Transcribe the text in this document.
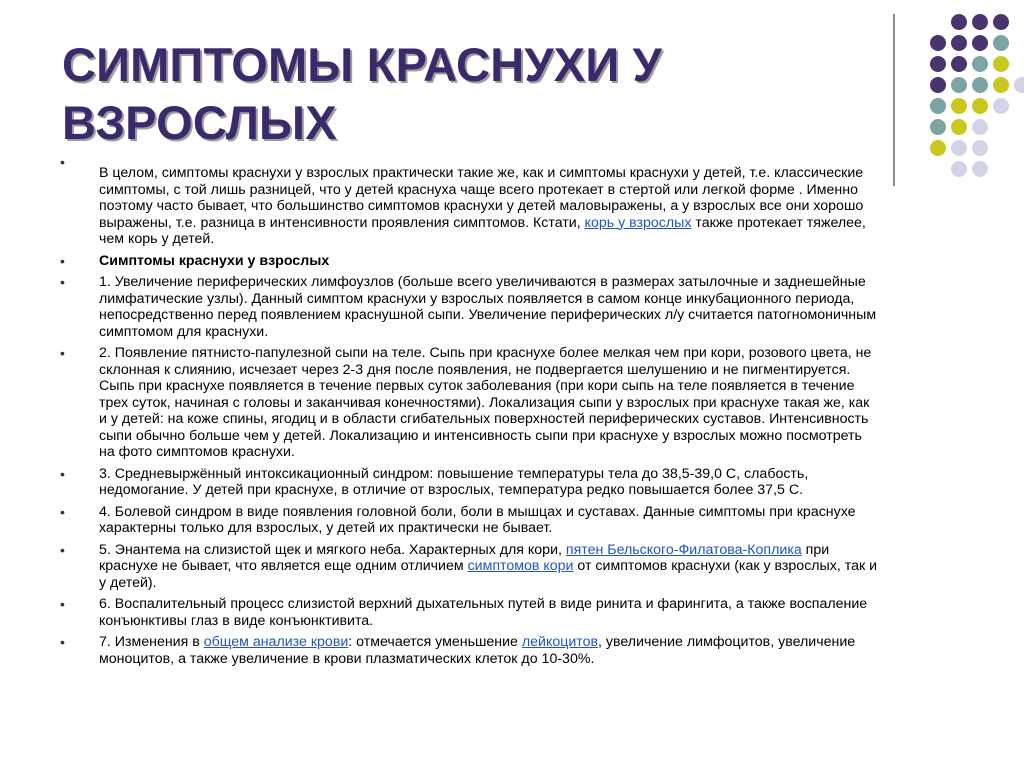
СИМПТОМЫ КРАСНУХИ У ВЗРОСЛЫХ
•
В целом, симптомы краснухи у взрослых практически такие же, как и симптомы краснухи у детей, т.е. классические симптомы, с той лишь разницей, что у детей краснуха чаще всего протекает в стертой или легкой форме . Именно поэтому часто бывает, что большинство симптомов краснухи у детей маловыражены, а у взрослых все они хорошо выражены, т.е. разница в интенсивности проявления симптомов. Кстати, корь у взрослых также протекает тяжелее, чем корь у детей.
• Симптомы краснухи у взрослых
• 1. Увеличение периферических лимфоузлов (больше всего увеличиваются в размерах затылочные и заднешейные лимфатические узлы). Данный симптом краснухи у взрослых появляется в самом конце инкубационного периода, непосредственно перед появлением краснушной сыпи. Увеличение периферических л/у считается патогномоничным симптомом для краснухи.
• 2. Появление пятнисто-папулезной сыпи на теле. Сыпь при краснухе более мелкая чем при кори, розового цвета, не склонная к слиянию, исчезает через 2-3 дня после появления, не подвергается шелушению и не пигментируется. Сыпь при краснухе появляется в течение первых суток заболевания (при кори сыпь на теле появляется в течение трех суток, начиная с головы и заканчивая конечностями). Локализация сыпи у взрослых при краснухе такая же, как и у детей: на коже спины, ягодиц и в области сгибательных поверхностей периферических суставов. Интенсивность сыпи обычно больше чем у детей. Локализацию и интенсивность сыпи при краснухе у взрослых можно посмотреть на фото симптомов краснухи.
• 3. Средневыржённый интоксикационный синдром: повышение температуры тела до 38,5-39,0 С, слабость, недомогание. У детей при краснухе, в отличие от взрослых, температура редко повышается более 37,5 С.
• 4. Болевой синдром в виде появления головной боли, боли в мышцах и суставах. Данные симптомы при краснухе характерны только для взрослых, у детей их практически не бывает.
• 5. Энантема на слизистой щек и мягкого неба. Характерных для кори, пятен Бельского-Филатова-Коплика при краснухе не бывает, что является еще одним отличием симптомов кори от симптомов краснухи (как у взрослых, так и у детей).
• 6. Воспалительный процесс слизистой верхний дыхательных путей в виде ринита и фарингита, а также воспаление конъюнктивы глаз в виде конъюнктивита.
• 7. Изменения в общем анализе крови: отмечается уменьшение лейкоцитов, увеличение лимфоцитов, увеличение моноцитов, а также увеличение в крови плазматических клеток до 10-30%.
